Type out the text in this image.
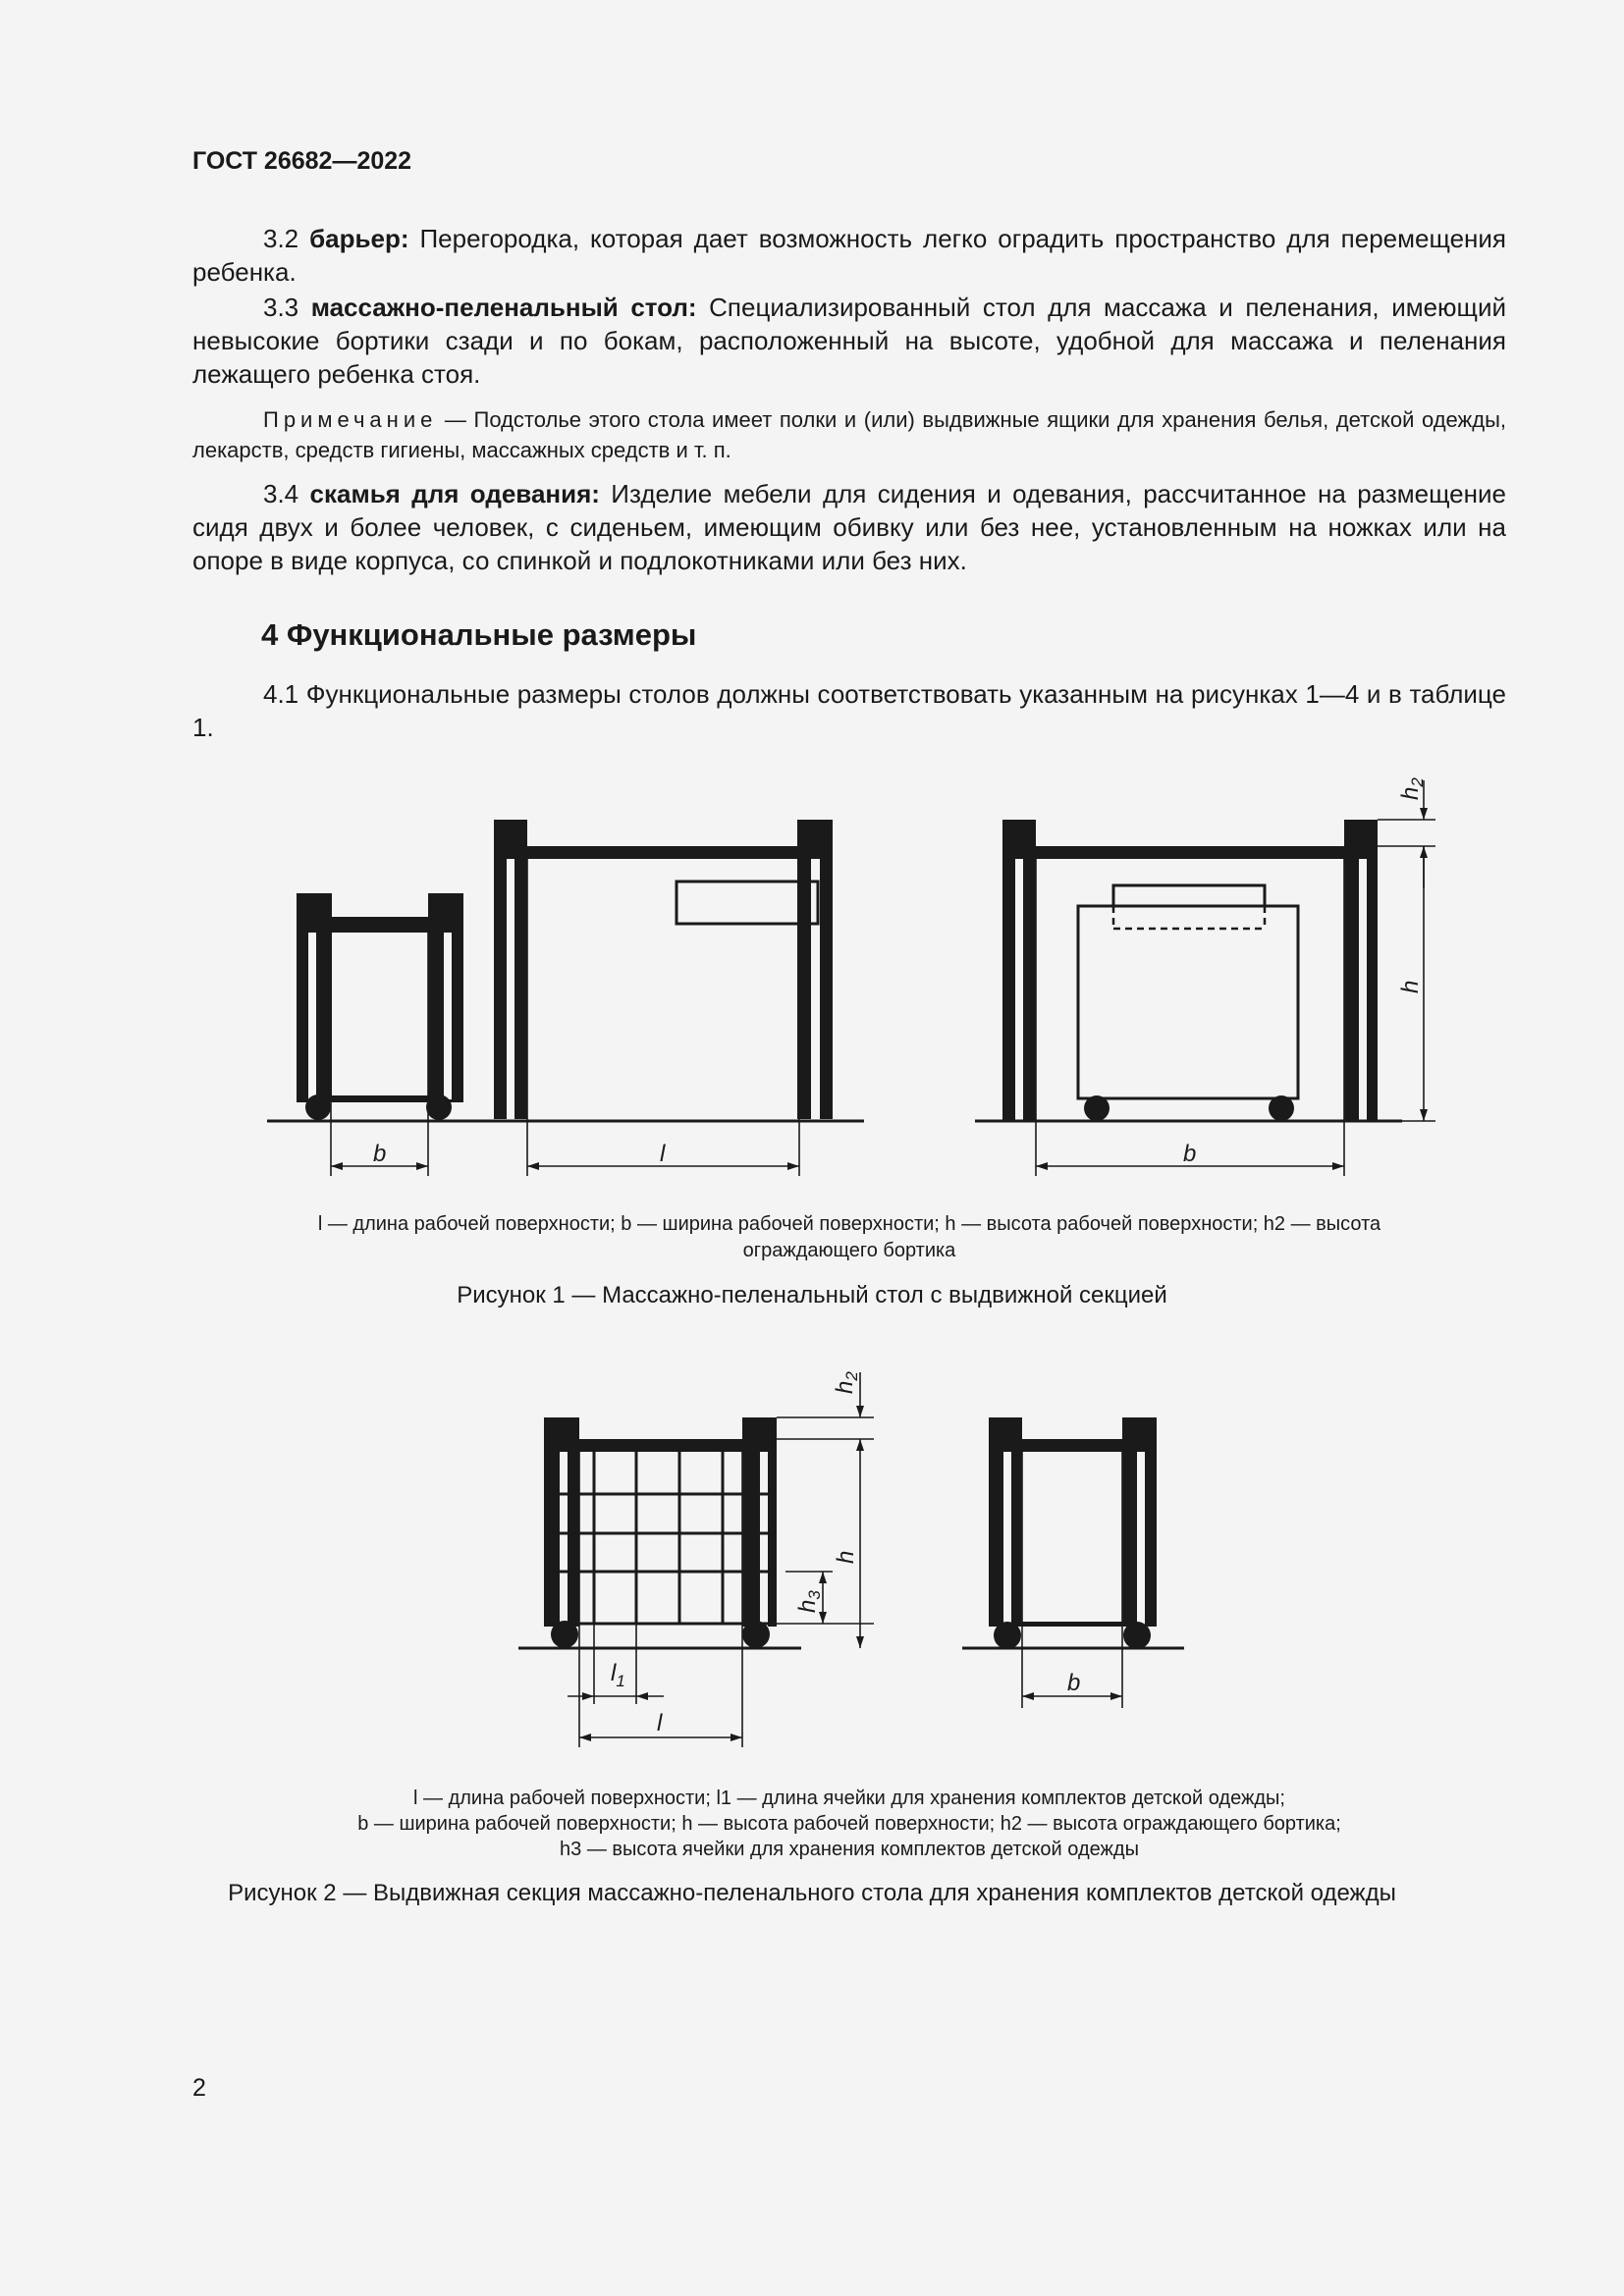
ГОСТ 26682—2022
3.2 барьер: Перегородка, которая дает возможность легко оградить пространство для перемещения ребенка.
3.3 массажно-пеленальный стол: Специализированный стол для массажа и пеленания, имеющий невысокие бортики сзади и по бокам, расположенный на высоте, удобной для массажа и пеленания лежащего ребенка стоя.
Примечание — Подстолье этого стола имеет полки и (или) выдвижные ящики для хранения белья, детской одежды, лекарств, средств гигиены, массажных средств и т. п.
3.4 скамья для одевания: Изделие мебели для сидения и одевания, рассчитанное на размещение сидя двух и более человек, с сиденьем, имеющим обивку или без нее, установленным на ножках или на опоре в виде корпуса, со спинкой и подлокотниками или без них.
4 Функциональные размеры
4.1 Функциональные размеры столов должны соответствовать указанным на рисунках 1—4 и в таблице 1.
b	l	b
h
$h_2$
l
$l_1$
h
$h_2$
$h_3$
b
l — длина рабочей поверхности; b — ширина рабочей поверхности; h — высота рабочей поверхности; h2 — высота
ограждающего бортика
Рисунок 1 — Массажно-пеленальный стол с выдвижной секцией
l — длина рабочей поверхности; l1 — длина ячейки для хранения комплектов детской одежды;
b — ширина рабочей поверхности; h — высота рабочей поверхности; h2 — высота ограждающего бортика;
h3 — высота ячейки для хранения комплектов детской одежды
Рисунок 2 — Выдвижная секция массажно-пеленального стола для хранения комплектов детской одежды
2
